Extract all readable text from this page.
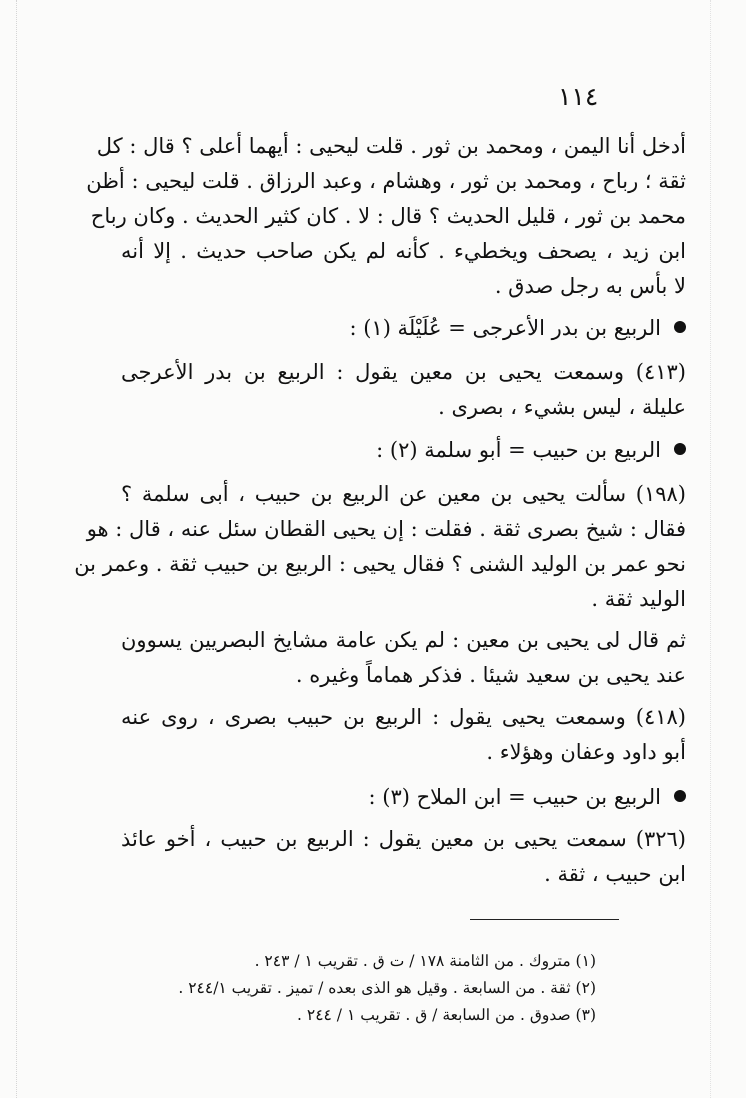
١١٤
أدخل أنا اليمن ، ومحمد بن ثور . قلت ليحيى : أيهما أعلى ؟ قال : كل
ثقة ؛ رباح ، ومحمد بن ثور ، وهشام ، وعبد الرزاق . قلت ليحيى : أظن
محمد بن ثور ، قليل الحديث ؟ قال : لا . كان كثير الحديث . وكان رباح
ابن زيد ، يصحف ويخطيء . كأنه لم يكن صاحب حديث . إلا أنه
لا بأس به رجل صدق .
الربيع بن بدر الأعرجى = عُلَيْلَة (١) :
(٤١٣) وسمعت يحيى بن معين يقول : الربيع بن بدر الأعرجى
عليلة ، ليس بشيء ، بصرى .
الربيع بن حبيب = أبو سلمة (٢) :
(١٩٨) سألت يحيى بن معين عن الربيع بن حبيب ، أبى سلمة ؟
فقال : شيخ بصرى ثقة . فقلت : إن يحيى القطان سئل عنه ، قال : هو
نحو عمر بن الوليد الشنى ؟ فقال يحيى : الربيع بن حبيب ثقة . وعمر بن
الوليد ثقة .
ثم قال لى يحيى بن معين : لم يكن عامة مشايخ البصريين يسوون
عند يحيى بن سعيد شيئا . فذكر هماماً وغيره .
(٤١٨) وسمعت يحيى يقول : الربيع بن حبيب بصرى ، روى عنه
أبو داود وعفان وهؤلاء .
الربيع بن حبيب = ابن الملاح (٣) :
(٣٢٦) سمعت يحيى بن معين يقول : الربيع بن حبيب ، أخو عائذ
ابن حبيب ، ثقة .
(١) متروك . من الثامنة ١٧٨ / ت ق . تقريب ١ / ٢٤٣ .
(٢) ثقة . من السابعة . وقيل هو الذى بعده / تميز . تقريب ٢٤٤/١ .
(٣) صدوق . من السابعة / ق . تقريب ١ / ٢٤٤ .
